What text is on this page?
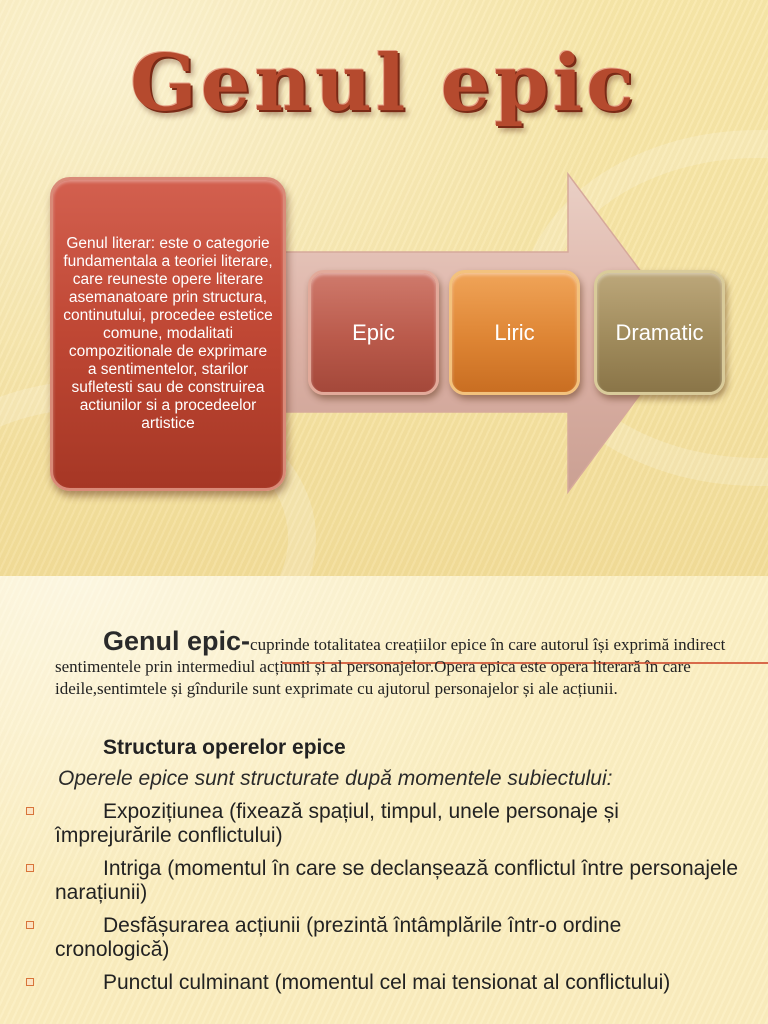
Genul epic
Genul literar: este o categorie fundamentala a teoriei literare, care reuneste opere literare asemanatoare prin structura, continutului, procedee estetice comune, modalitati compozitionale de exprimare a sentimentelor, starilor sufletesti sau de construirea actiunilor si a procedeelor artistice
Epic	Liric	Dramatic

Genul epic-cuprinde totalitatea creațiilor epice în care autorul își exprimă indirect sentimentele prin intermediul acțiunii și al personajelor.Opera epica este opera literară în care ideile,sentimtele și gîndurile sunt exprimate cu ajutorul personajelor și ale acțiunii.

Structura operelor epice

Operele epice sunt structurate după momentele subiectului:

Expozițiunea (fixează spațiul, timpul, unele personaje și împrejurările conflictului)
Intriga (momentul în care se declanșează conflictul între personajele narațiunii)
Desfășurarea acțiunii (prezintă întâmplările într-o ordine cronologică)
Punctul culminant (momentul cel mai tensionat al conflictului)
